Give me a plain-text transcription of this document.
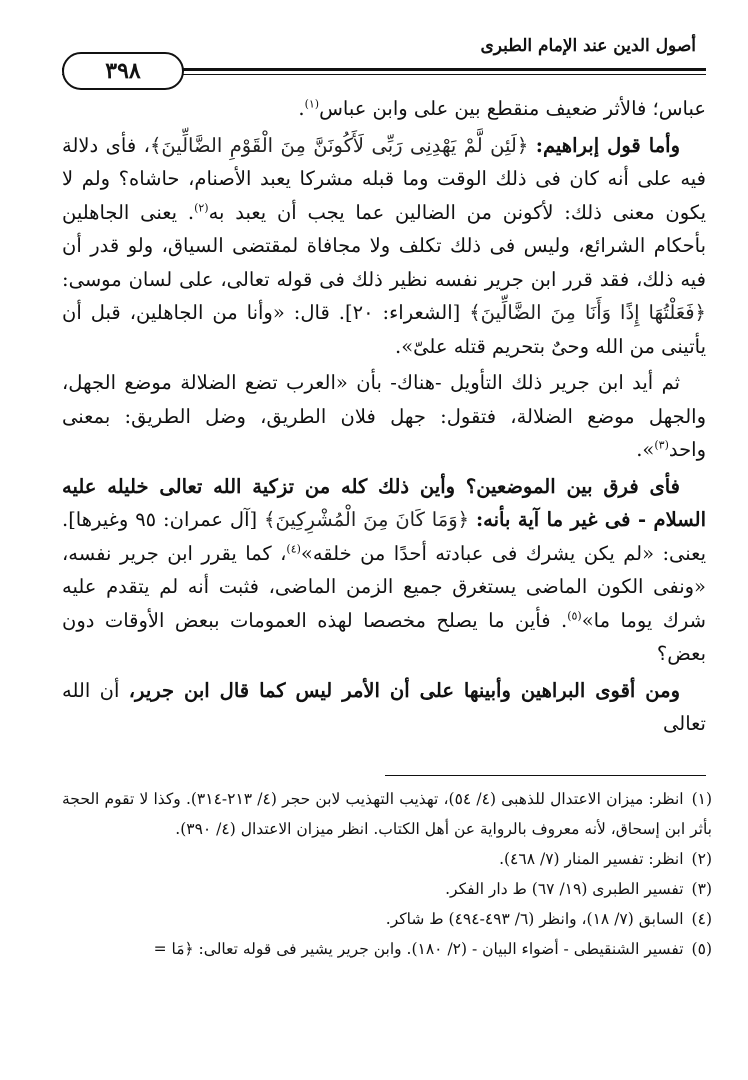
أصول الدين عند الإمام الطبرى
٣٩٨

عباس؛ فالأثر ضعيف منقطع بين على وابن عباس$^{(١)}$.

وأما قول إبراهيم: ﴿لَئِن لَّمْ يَهْدِنِى رَبِّى لَأَكُونَنَّ مِنَ الْقَوْمِ الضَّالِّينَ﴾، فأى دلالة فيه على أنه كان فى ذلك الوقت وما قبله مشركا يعبد الأصنام، حاشاه؟ ولم لا يكون معنى ذلك: لأكونن من الضالين عما يجب أن يعبد به$^{(٢)}$. يعنى الجاهلين بأحكام الشرائع، وليس فى ذلك تكلف ولا مجافاة لمقتضى السياق، ولو قدر أن فيه ذلك، فقد قرر ابن جرير نفسه نظير ذلك فى قوله تعالى، على لسان موسى: ﴿فَعَلْتُهَا إِذًا وَأَنَا مِنَ الضَّالِّينَ﴾ [الشعراء: ٢٠]. قال: «وأنا من الجاهلين، قبل أن يأتينى من الله وحىٌ بتحريم قتله علىّ».

ثم أيد ابن جرير ذلك التأويل -هناك- بأن «العرب تضع الضلالة موضع الجهل، والجهل موضع الضلالة، فتقول: جهل فلان الطريق، وضل الطريق: بمعنى واحد$^{(٣)}$».

فأى فرق بين الموضعين؟ وأين ذلك كله من تزكية الله تعالى خليله عليه السلام - فى غير ما آية بأنه: ﴿وَمَا كَانَ مِنَ الْمُشْرِكِينَ﴾ [آل عمران: ٩٥ وغيرها]. يعنى: «لم يكن يشرك فى عبادته أحدًا من خلقه»$^{(٤)}$، كما يقرر ابن جرير نفسه، «ونفى الكون الماضى يستغرق جميع الزمن الماضى، فثبت أنه لم يتقدم عليه شرك يوما ما»$^{(٥)}$. فأين ما يصلح مخصصا لهذه العمومات ببعض الأوقات دون بعض؟

ومن أقوى البراهين وأبينها على أن الأمر ليس كما قال ابن جرير، أن الله تعالى

(١)انظر: ميزان الاعتدال للذهبى (٤/ ٥٤)، تهذيب التهذيب لابن حجر (٤/ ٢١٣-٣١٤). وكذا لا تقوم الحجة بأثر ابن إسحاق، لأنه معروف بالرواية عن أهل الكتاب. انظر ميزان الاعتدال (٤/ ٣٩٠).

(٢)انظر: تفسير المنار (٧/ ٤٦٨).

(٣)تفسير الطبرى (١٩/ ٦٧) ط دار الفكر.

(٤)السابق (٧/ ١٨)، وانظر (٦/ ٤٩٣-٤٩٤) ط شاكر.

(٥)تفسير الشنقيطى - أضواء البيان - (٢/ ١٨٠). وابن جرير يشير فى قوله تعالى: ﴿مَا =
